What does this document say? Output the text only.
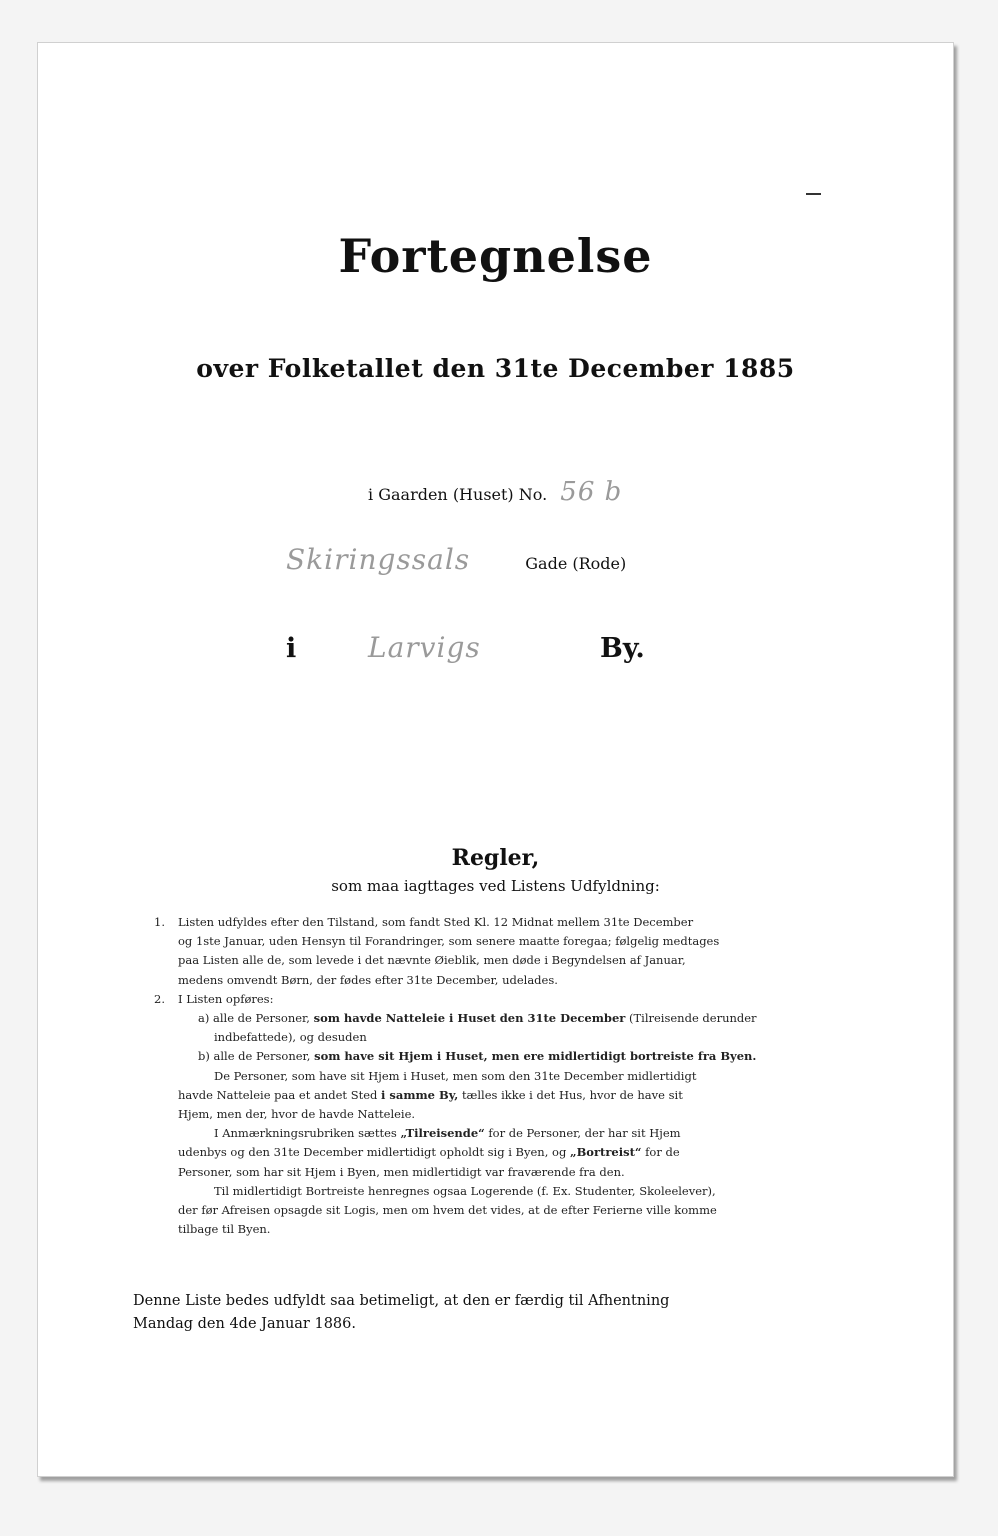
Fortegnelse
over Folketallet den 31te December 1885
i Gaarden (Huset) No. 56 b
Skiringssals	Gade (Rode)
i	Larvigs	By.
Regler,
som maa iagttages ved Listens Udfyldning:
1. Listen udfyldes efter den Tilstand, som fandt Sted Kl. 12 Midnat mellem 31te December
og 1ste Januar, uden Hensyn til Forandringer, som senere maatte foregaa; følgelig medtages
paa Listen alle de, som levede i det nævnte Øieblik, men døde i Begyndelsen af Januar,
medens omvendt Børn, der fødes efter 31te December, udelades.
2. I Listen opføres:
a) alle de Personer, som havde Natteleie i Huset den 31te December (Tilreisende derunder
indbefattede), og desuden
b) alle de Personer, som have sit Hjem i Huset, men ere midlertidigt bortreiste fra Byen.
De Personer, som have sit Hjem i Huset, men som den 31te December midlertidigt
havde Natteleie paa et andet Sted i samme By, tælles ikke i det Hus, hvor de have sit
Hjem, men der, hvor de havde Natteleie.
I Anmærkningsrubriken sættes „Tilreisende“ for de Personer, der har sit Hjem
udenbys og den 31te December midlertidigt opholdt sig i Byen, og „Bortreist“ for de
Personer, som har sit Hjem i Byen, men midlertidigt var fraværende fra den.
Til midlertidigt Bortreiste henregnes ogsaa Logerende (f. Ex. Studenter, Skoleelever),
der før Afreisen opsagde sit Logis, men om hvem det vides, at de efter Ferierne ville komme
tilbage til Byen.
Denne Liste bedes udfyldt saa betimeligt, at den er færdig til Afhentning
Mandag den 4de Januar 1886.
